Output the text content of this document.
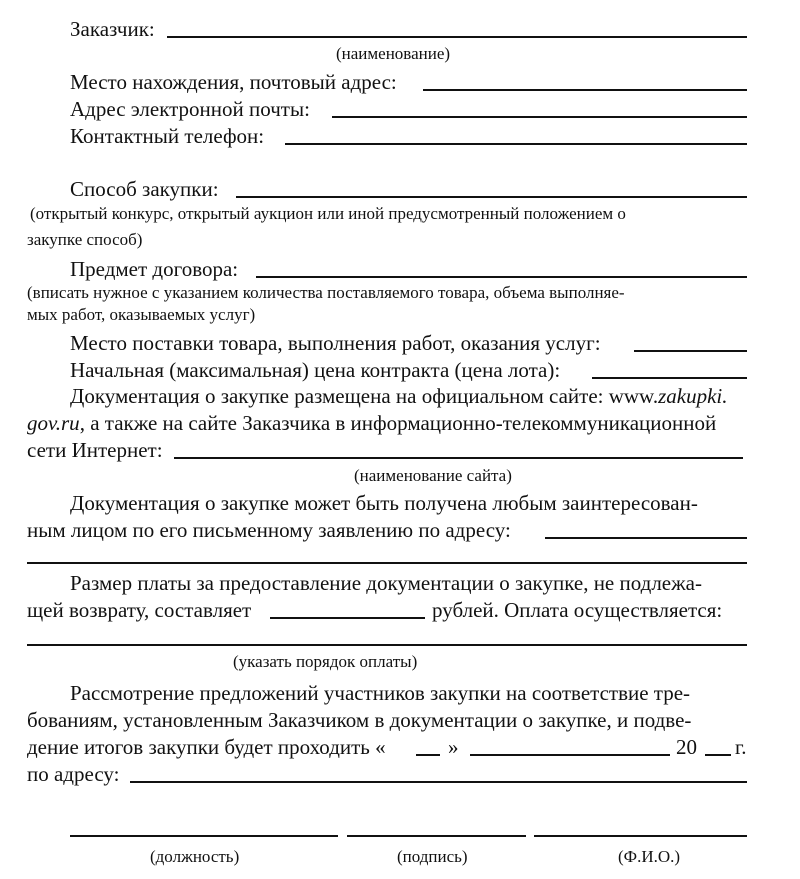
Заказчик:
(наименование)
Место нахождения, почтовый адрес:
Адрес электронной почты:
Контактный телефон:
Способ закупки:
(открытый конкурс, открытый аукцион или иной предусмотренный положением о
закупке способ)
Предмет договора:
(вписать нужное с указанием количества поставляемого товара, объема выполняе-
мых работ, оказываемых услуг)
Место поставки товара, выполнения работ, оказания услуг:
Начальная (максимальная) цена контракта (цена лота):
Документация о закупке размещена на официальном сайте: www.zakupki.
gov.ru, а также на сайте Заказчика в информационно-телекоммуникационной
сети Интернет:
(наименование сайта)
Документация о закупке может быть получена любым заинтересован-
ным лицом по его письменному заявлению по адресу:
Размер платы за предоставление документации о закупке, не подлежа-
щей возврату, составляет	рублей. Оплата осуществляется:
(указать порядок оплаты)
Рассмотрение предложений участников закупки на соответствие тре-
бованиям, установленным Заказчиком в документации о закупке, и подве-
дение итогов закупки будет проходить «	»	20 г.
по адресу:
(должность)	(подпись)	(Ф.И.О.)
